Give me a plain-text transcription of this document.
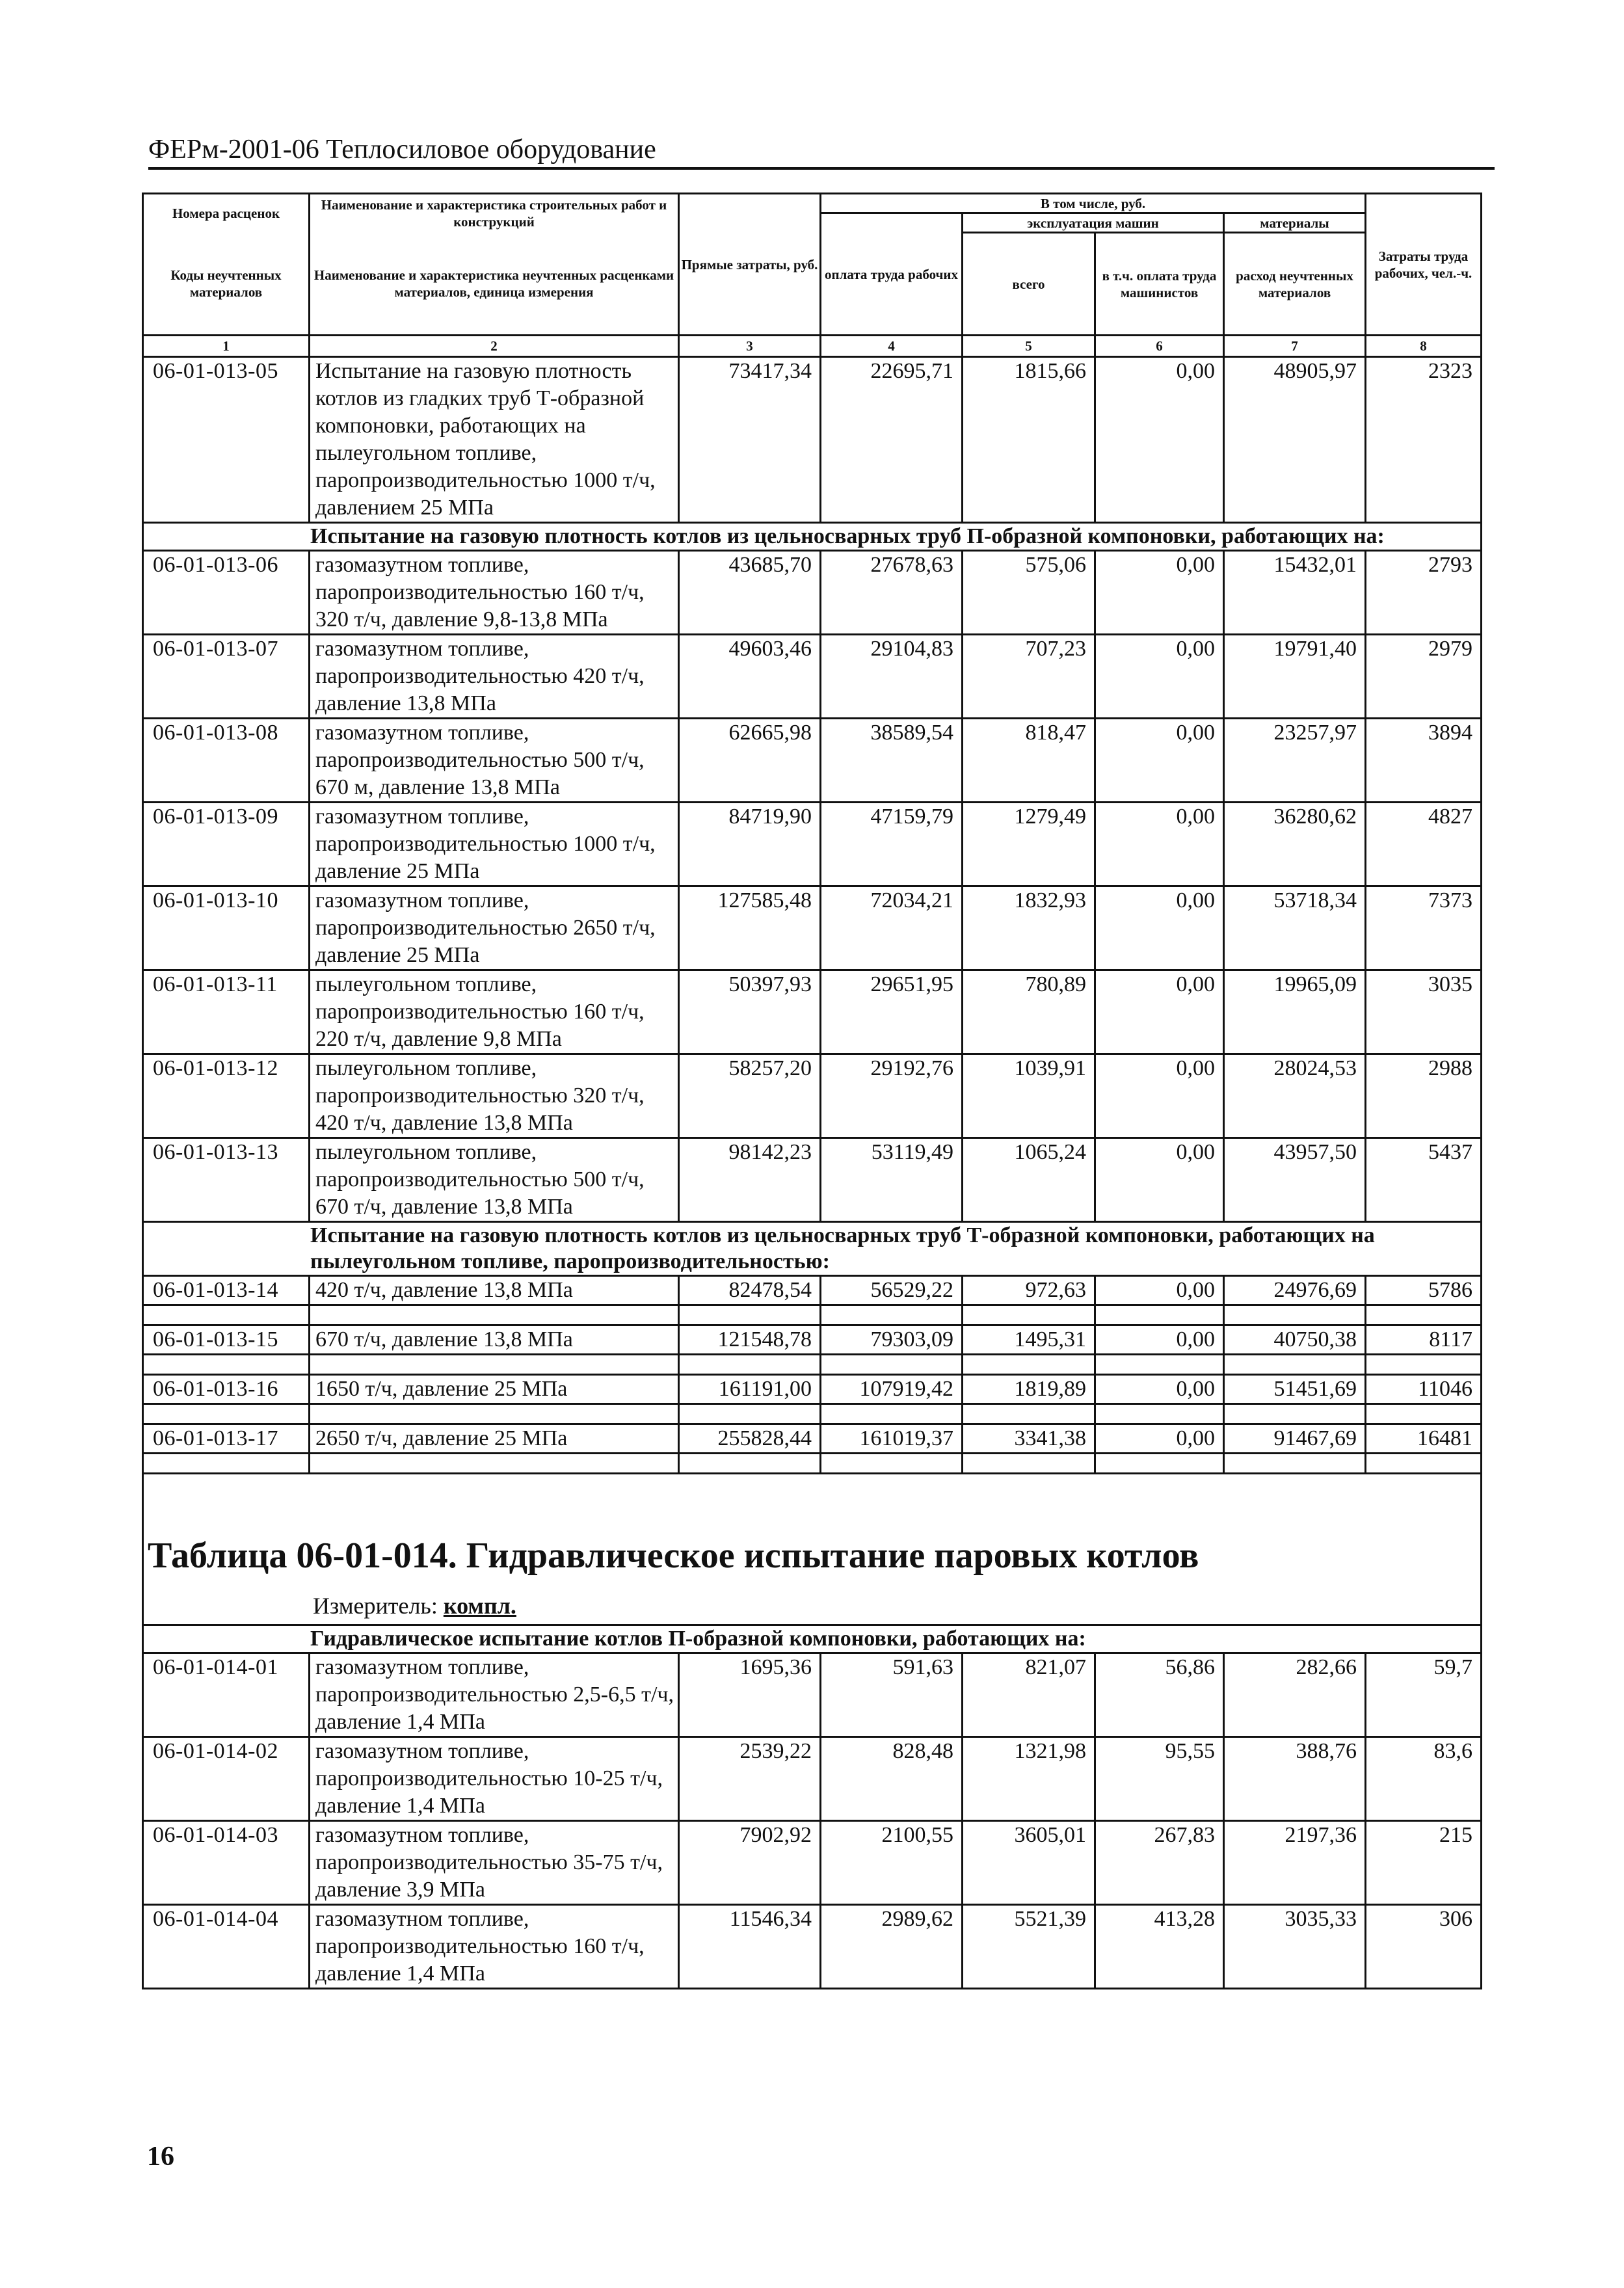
ФЕРм-2001-06 Теплосиловое оборудование
Номера расценок	Наименование и характеристика строительных работ и конструкций	Прямые затраты, руб.	В том числе, руб.				Затраты труда рабочих, чел.-ч.
			оплата труда рабочих	эксплуатация машин		материалы	
Коды неучтенных материалов	Наименование и характеристика неучтенных расценками материалов, единица измерения			всего	в т.ч. оплата труда машинистов	расход неучтенных материалов	
1	2	3	4	5	6	7	8
06-01-013-05	Испытание на газовую плотность котлов из гладких труб Т-образной компоновки, работающих на пылеугольном топливе, паропроизводительностью 1000 т/ч, давлением 25 МПа	73417,34	22695,71	1815,66	0,00	48905,97	2323
Испытание на газовую плотность котлов из цельносварных труб П-образной компоновки, работающих на:							
06-01-013-06	газомазутном топливе, паропроизводительностью 160 т/ч, 320 т/ч, давление 9,8-13,8 МПа	43685,70	27678,63	575,06	0,00	15432,01	2793
06-01-013-07	газомазутном топливе, паропроизводительностью 420 т/ч, давление 13,8 МПа	49603,46	29104,83	707,23	0,00	19791,40	2979
06-01-013-08	газомазутном топливе, паропроизводительностью 500 т/ч, 670 м, давление 13,8 МПа	62665,98	38589,54	818,47	0,00	23257,97	3894
06-01-013-09	газомазутном топливе, паропроизводительностью 1000 т/ч, давление 25 МПа	84719,90	47159,79	1279,49	0,00	36280,62	4827
06-01-013-10	газомазутном топливе, паропроизводительностью 2650 т/ч, давление 25 МПа	127585,48	72034,21	1832,93	0,00	53718,34	7373
06-01-013-11	пылеугольном топливе, паропроизводительностью 160 т/ч, 220 т/ч, давление 9,8 МПа	50397,93	29651,95	780,89	0,00	19965,09	3035
06-01-013-12	пылеугольном топливе, паропроизводительностью 320 т/ч, 420 т/ч, давление 13,8 МПа	58257,20	29192,76	1039,91	0,00	28024,53	2988
06-01-013-13	пылеугольном топливе, паропроизводительностью 500 т/ч, 670 т/ч, давление 13,8 МПа	98142,23	53119,49	1065,24	0,00	43957,50	5437
Испытание на газовую плотность котлов из цельносварных труб Т-образной компоновки, работающих на пылеугольном топливе, паропроизводительностью:							
06-01-013-14	420 т/ч, давление 13,8 МПа	82478,54	56529,22	972,63	0,00	24976,69	5786

06-01-013-15	670 т/ч, давление 13,8 МПа	121548,78	79303,09	1495,31	0,00	40750,38	8117

06-01-013-16	1650 т/ч, давление 25 МПа	161191,00	107919,42	1819,89	0,00	51451,69	11046

06-01-013-17	2650 т/ч, давление 25 МПа	255828,44	161019,37	3341,38	0,00	91467,69	16481

Таблица 06-01-014. Гидравлическое испытание паровых котлов
Измеритель: компл.							

Гидравлическое испытание котлов П-образной компоновки, работающих на:							
06-01-014-01	газомазутном топливе, паропроизводительностью 2,5-6,5 т/ч, давление 1,4 МПа	1695,36	591,63	821,07	56,86	282,66	59,7
06-01-014-02	газомазутном топливе, паропроизводительностью 10-25 т/ч, давление 1,4 МПа	2539,22	828,48	1321,98	95,55	388,76	83,6
06-01-014-03	газомазутном топливе, паропроизводительностью 35-75 т/ч, давление 3,9 МПа	7902,92	2100,55	3605,01	267,83	2197,36	215
06-01-014-04	газомазутном топливе, паропроизводительностью 160 т/ч, давление 1,4 МПа	11546,34	2989,62	5521,39	413,28	3035,33	306
16
